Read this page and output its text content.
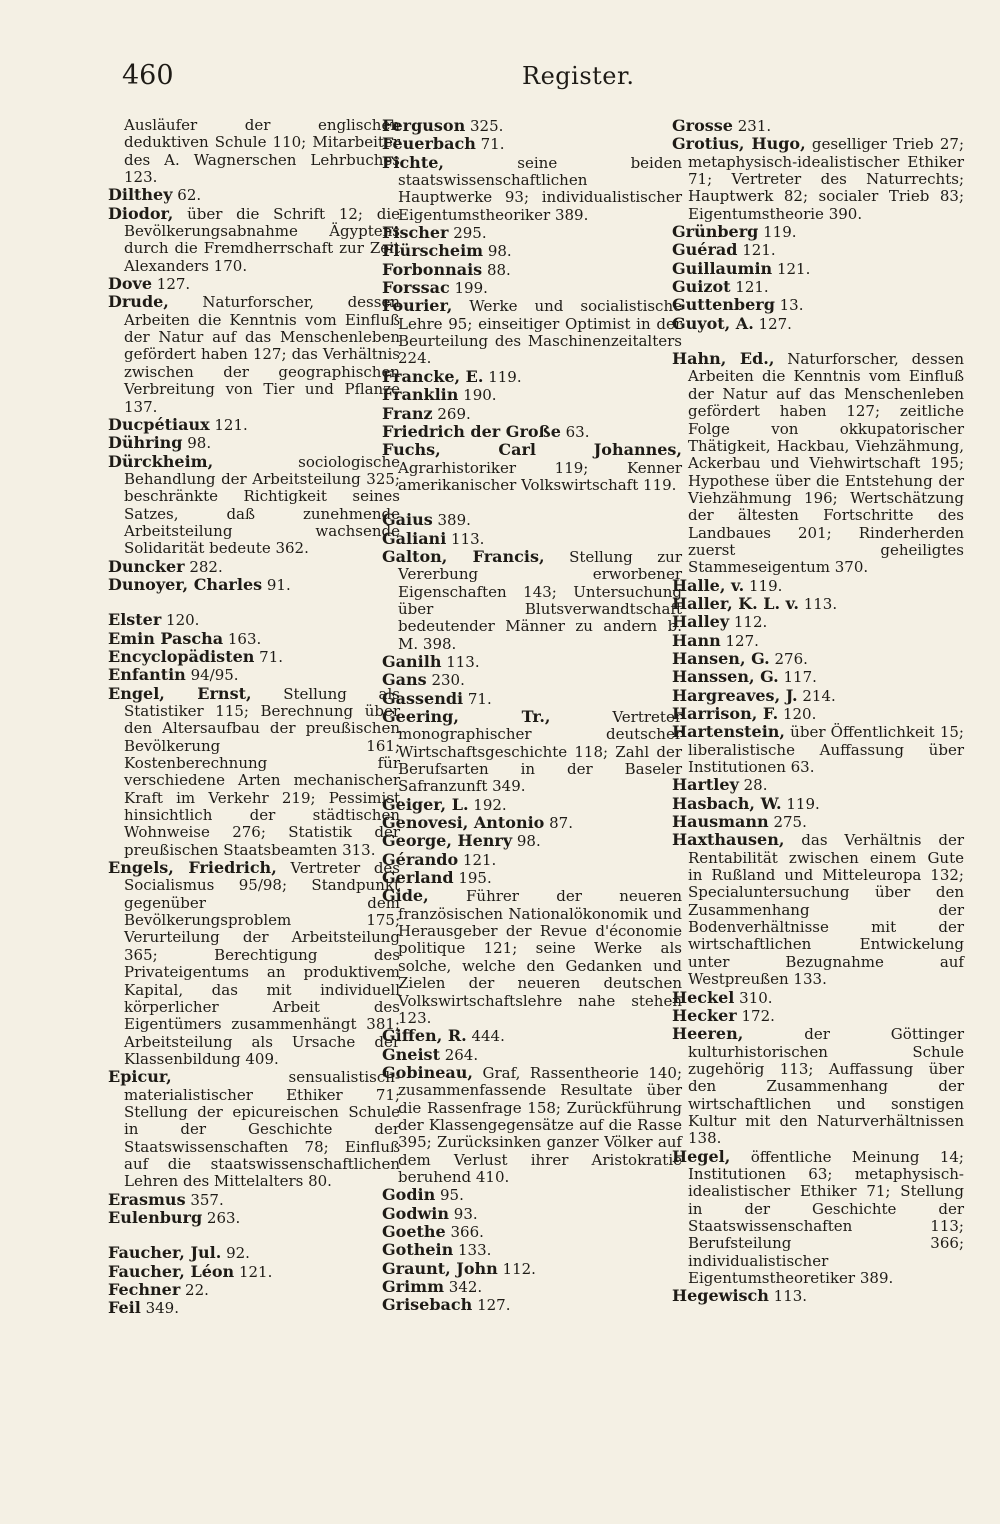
460	Register.

Ausläufer der englischen deduktiven Schule 110; Mitarbeiter des A. Wagnerschen Lehrbuches 123.

Dilthey 62.

Diodor, über die Schrift 12; die Bevölkerungsabnahme Ägyptens durch die Fremdherrschaft zur Zeit Alexanders 170.

Dove 127.

Drude, Naturforscher, dessen Arbeiten die Kenntnis vom Einfluß der Natur auf das Menschenleben gefördert haben 127; das Verhältnis zwischen der geographischen Verbreitung von Tier und Pflanze 137.

Ducpétiaux 121.

Dühring 98.

Dürckheim, sociologische Behandlung der Arbeitsteilung 325; beschränkte Richtigkeit seines Satzes, daß zunehmende Arbeitsteilung wachsende Solidarität bedeute 362.

Duncker 282.

Dunoyer, Charles 91.

Elster 120.

Emin Pascha 163.

Encyclopädisten 71.

Enfantin 94/95.

Engel, Ernst, Stellung als Statistiker 115; Berechnung über den Altersaufbau der preußischen Bevölkerung 161; Kostenberechnung für verschiedene Arten mechanischer Kraft im Verkehr 219; Pessimist hinsichtlich der städtischen Wohnweise 276; Statistik der preußischen Staatsbeamten 313.

Engels, Friedrich, Vertreter des Socialismus 95/98; Standpunkt gegenüber dem Bevölkerungsproblem 175; Verurteilung der Arbeitsteilung 365; Berechtigung des Privateigentums an produktivem Kapital, das mit individuell körperlicher Arbeit des Eigentümers zusammenhängt 381; Arbeitsteilung als Ursache der Klassenbildung 409.

Epicur, sensualistisch-materialistischer Ethiker 71; Stellung der epicureischen Schule in der Geschichte der Staatswissenschaften 78; Einfluß auf die staatswissenschaftlichen Lehren des Mittelalters 80.

Erasmus 357.

Eulenburg 263.

Faucher, Jul. 92.

Faucher, Léon 121.

Fechner 22.

Feil 349.

Ferguson 325.

Feuerbach 71.

Fichte, seine beiden staatswissenschaftlichen Hauptwerke 93; individualistischer Eigentumstheoriker 389.

Fischer 295.

Flürscheim 98.

Forbonnais 88.

Forssac 199.

Fourier, Werke und socialistische Lehre 95; einseitiger Optimist in der Beurteilung des Maschinenzeitalters 224.

Francke, E. 119.

Franklin 190.

Franz 269.

Friedrich der Große 63.

Fuchs, Carl Johannes, Agrarhistoriker 119; Kenner amerikanischer Volkswirtschaft 119.

Gaius 389.

Galiani 113.

Galton, Francis, Stellung zur Vererbung erworbener Eigenschaften 143; Untersuchung über Blutsverwandtschaft bedeutender Männer zu andern b. M. 398.

Ganilh 113.

Gans 230.

Gassendi 71.

Geering, Tr., Vertreter monographischer deutscher Wirtschaftsgeschichte 118; Zahl der Berufsarten in der Baseler Safranzunft 349.

Geiger, L. 192.

Genovesi, Antonio 87.

George, Henry 98.

Gérando 121.

Gerland 195.

Gide, Führer der neueren französischen Nationalökonomik und Herausgeber der Revue d'économie politique 121; seine Werke als solche, welche den Gedanken und Zielen der neueren deutschen Volkswirtschaftslehre nahe stehen 123.

Giffen, R. 444.

Gneist 264.

Gobineau, Graf, Rassentheorie 140; zusammenfassende Resultate über die Rassenfrage 158; Zurückführung der Klassengegensätze auf die Rasse 395; Zurücksinken ganzer Völker auf dem Verlust ihrer Aristokratie beruhend 410.

Godin 95.

Godwin 93.

Goethe 366.

Gothein 133.

Graunt, John 112.

Grimm 342.

Grisebach 127.

Grosse 231.

Grotius, Hugo, geselliger Trieb 27; metaphysisch-idealistischer Ethiker 71; Vertreter des Naturrechts; Hauptwerk 82; socialer Trieb 83; Eigentumstheorie 390.

Grünberg 119.

Guérad 121.

Guillaumin 121.

Guizot 121.

Guttenberg 13.

Guyot, A. 127.

Hahn, Ed., Naturforscher, dessen Arbeiten die Kenntnis vom Einfluß der Natur auf das Menschenleben gefördert haben 127; zeitliche Folge von okkupatorischer Thätigkeit, Hackbau, Viehzähmung, Ackerbau und Viehwirtschaft 195; Hypothese über die Entstehung der Viehzähmung 196; Wertschätzung der ältesten Fortschritte des Landbaues 201; Rinderherden zuerst geheiligtes Stammeseigentum 370.

Halle, v. 119.

Haller, K. L. v. 113.

Halley 112.

Hann 127.

Hansen, G. 276.

Hanssen, G. 117.

Hargreaves, J. 214.

Harrison, F. 120.

Hartenstein, über Öffentlichkeit 15; liberalistische Auffassung über Institutionen 63.

Hartley 28.

Hasbach, W. 119.

Hausmann 275.

Haxthausen, das Verhältnis der Rentabilität zwischen einem Gute in Rußland und Mitteleuropa 132; Specialuntersuchung über den Zusammenhang der Bodenverhältnisse mit der wirtschaftlichen Entwickelung unter Bezugnahme auf Westpreußen 133.

Heckel 310.

Hecker 172.

Heeren, der Göttinger kulturhistorischen Schule zugehörig 113; Auffassung über den Zusammenhang der wirtschaftlichen und sonstigen Kultur mit den Naturverhältnissen 138.

Hegel, öffentliche Meinung 14; Institutionen 63; metaphysisch-idealistischer Ethiker 71; Stellung in der Geschichte der Staatswissenschaften 113; Berufsteilung 366; individualistischer Eigentumstheoretiker 389.

Hegewisch 113.
